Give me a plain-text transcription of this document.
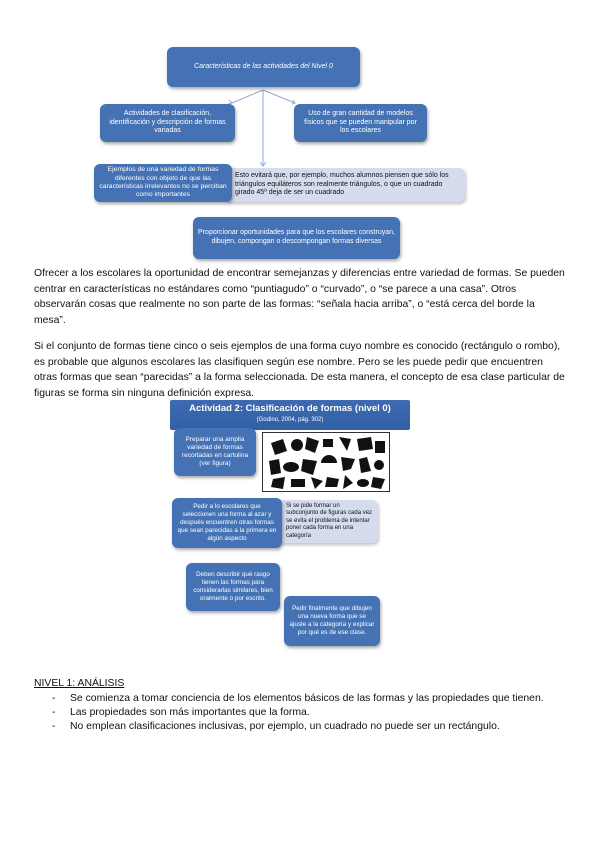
Características de las actividades del Nivel 0
Actividades de clasificación, identificación y descripción de formas variadas
Uso de gran cantidad de modelos físicos que se pueden manipular por los escolares
Esto evitará que, por ejemplo, muchos alumnos piensen que sólo los triángulos equiláteros son realmente triángulos, o que un cuadrado girado 45º deja de ser un cuadrado
Ejemplos de una variedad de formas diferentes con objeto de que las características irrelevantes no se perciban como importantes
Proporcionar oportunidades para que los escolares construyan, dibujen, compongan o descompongan formas diversas
Ofrecer a los escolares la oportunidad de encontrar semejanzas y diferencias entre variedad de formas. Se pueden centrar en características no estándares como “puntiagudo” o “curvado”, o “se parece a una casa”. Otros observarán cosas que realmente no son parte de las formas: “señala hacia arriba”, o “está cerca del borde la mesa”.
Si el conjunto de formas tiene cinco o seis ejemplos de una forma cuyo nombre es conocido (rectángulo o rombo), es probable que algunos escolares las clasifiquen según ese nombre. Pero se les puede pedir que encuentren otras formas que sean “parecidas” a la forma seleccionada. De esta manera, el concepto de esa clase particular de figuras se forma sin ninguna definición expresa.
Actividad 2: Clasificación de formas (nivel 0)
(Godino, 2004, pág. 302)
Preparar una amplia variedad de formas recortadas en cartulina (ver figura)
Si se pide formar un subconjunto de figuras cada vez se evita el problema de intentar poner cada forma en una categoría
Pedir a lo escolares que seleccionen una forma al azar y después encuentren otras formas que sean parecidas a la primera en algún aspecto
Deben describir qué rasgo tienen las formas para considerarlas similares, bien oralmente o por escrito.
Pedir finalmente que dibujen una nueva forma que se ajuste a la categoría y explicar por qué es de ese clase.
NIVEL 1: ANÁLISIS
- Se comienza a tomar conciencia de los elementos básicos de las formas y las propiedades que tienen.
- Las propiedades son más importantes que la forma.
- No emplean clasificaciones inclusivas, por ejemplo, un cuadrado no puede ser un rectángulo.
